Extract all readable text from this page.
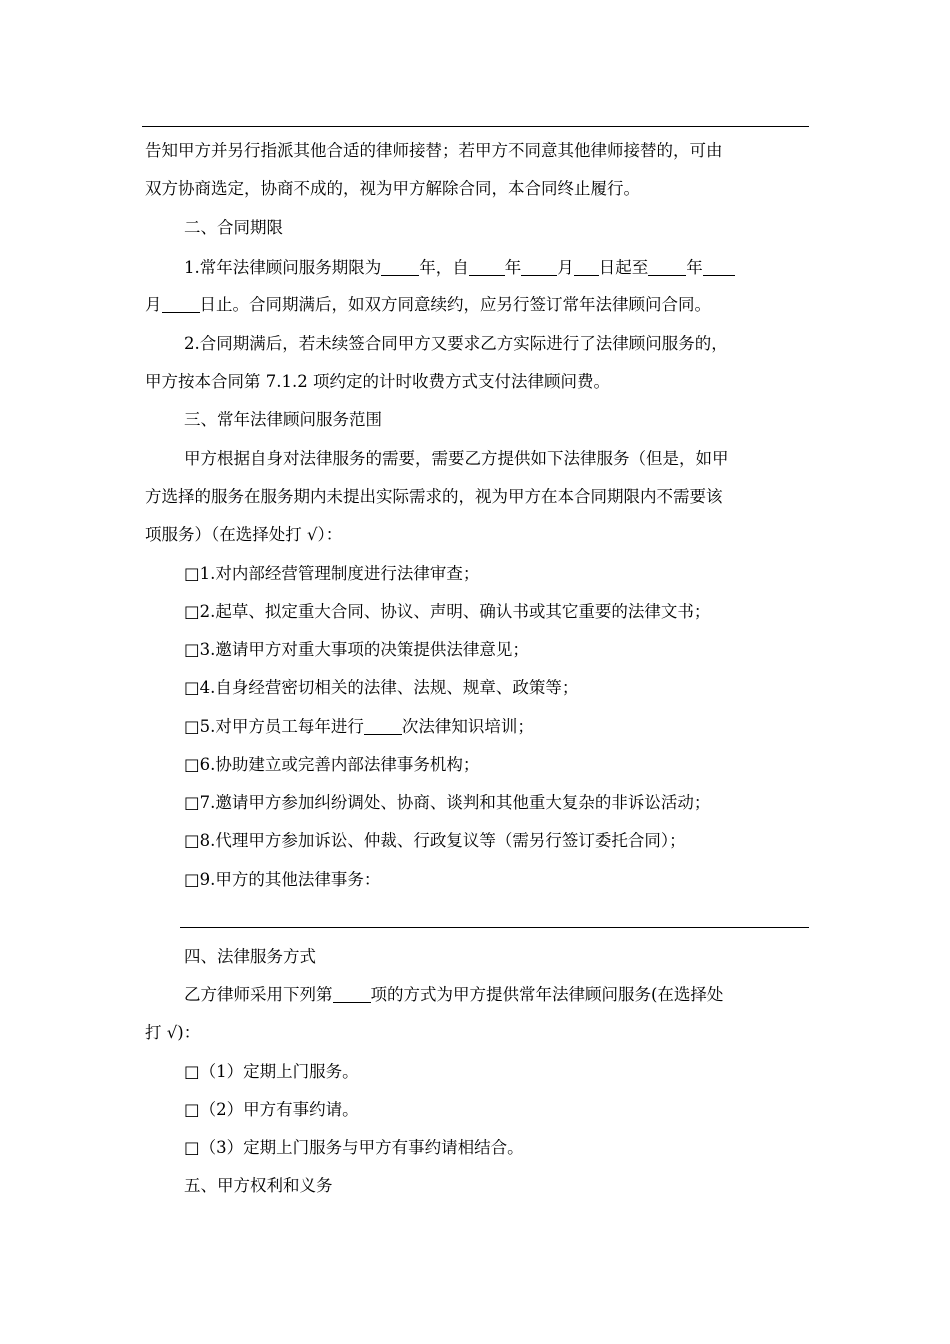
告知甲方并另行指派其他合适的律师接替；若甲方不同意其他律师接替的，可由
双方协商选定，协商不成的，视为甲方解除合同，本合同终止履行。
二、合同期限
1.常年法律顾问服务期限为 年，自 年 月 日起至 年
月 日止。合同期满后，如双方同意续约，应另行签订常年法律顾问合同。
2.合同期满后，若未续签合同甲方又要求乙方实际进行了法律顾问服务的，
甲方按本合同第 7.1.2 项约定的计时收费方式支付法律顾问费。
三、常年法律顾问服务范围
甲方根据自身对法律服务的需要，需要乙方提供如下法律服务（但是，如甲
方选择的服务在服务期内未提出实际需求的，视为甲方在本合同期限内不需要该
项服务）（在选择处打 √）：
□1.对内部经营管理制度进行法律审查；
□2.起草、拟定重大合同、协议、声明、确认书或其它重要的法律文书；
□3.邀请甲方对重大事项的决策提供法律意见；
□4.自身经营密切相关的法律、法规、规章、政策等；
□5.对甲方员工每年进行 次法律知识培训；
□6.协助建立或完善内部法律事务机构；
□7.邀请甲方参加纠纷调处、协商、谈判和其他重大复杂的非诉讼活动；
□8.代理甲方参加诉讼、仲裁、行政复议等（需另行签订委托合同）；
□9.甲方的其他法律事务：
四、法律服务方式
乙方律师采用下列第 项的方式为甲方提供常年法律顾问服务(在选择处
打 √)：
□（1）定期上门服务。
□（2）甲方有事约请。
□（3）定期上门服务与甲方有事约请相结合。
五、甲方权利和义务
